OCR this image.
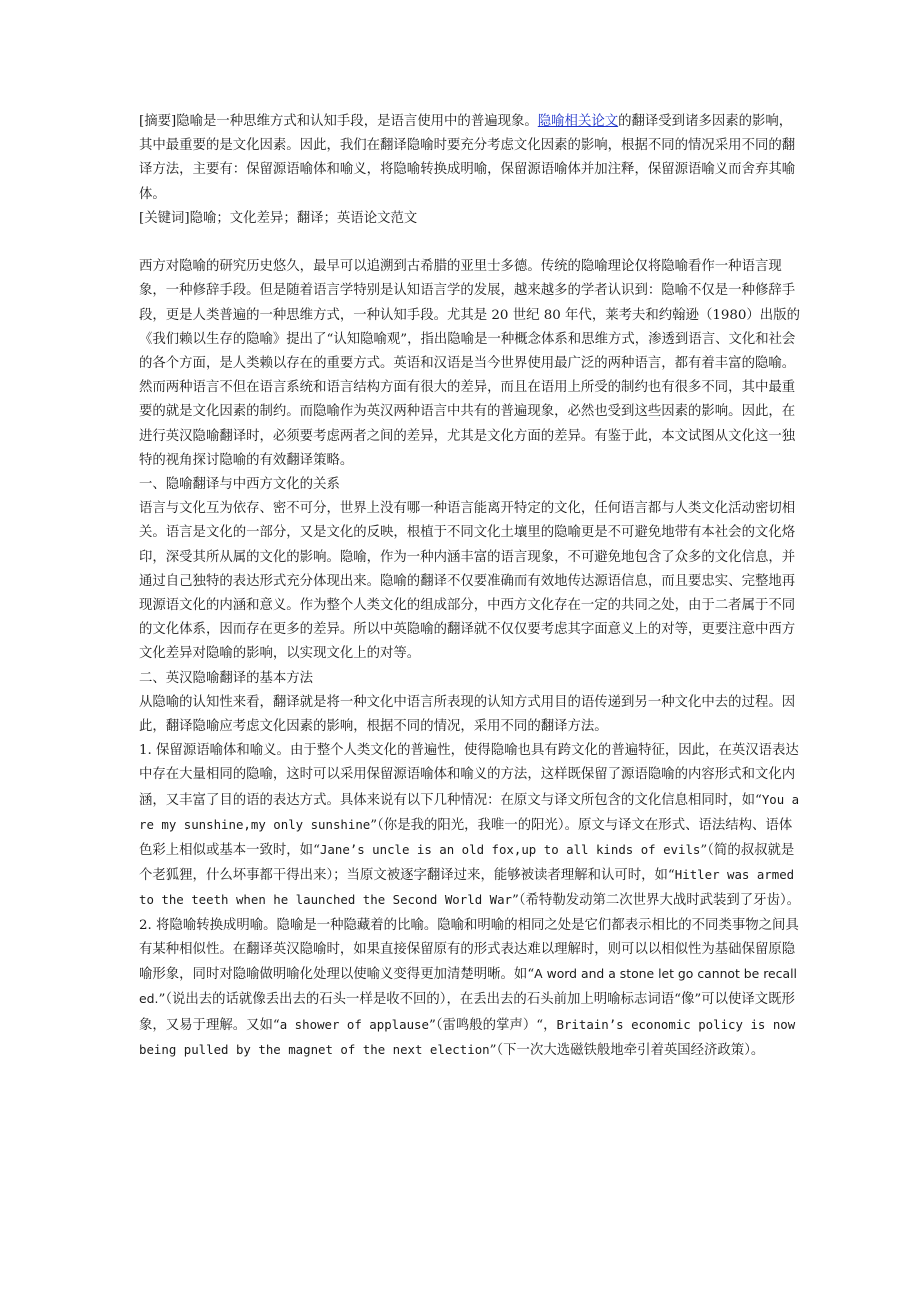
[摘要]隐喻是一种思维方式和认知手段，是语言使用中的普遍现象。隐喻相关论文的翻译受到诸多因素的影响，其中最重要的是文化因素。因此，我们在翻译隐喻时要充分考虑文化因素的影响，根据不同的情况采用不同的翻译方法，主要有：保留源语喻体和喻义，将隐喻转换成明喻，保留源语喻体并加注释，保留源语喻义而舍弃其喻体。

[关键词]隐喻；文化差异；翻译；英语论文范文

西方对隐喻的研究历史悠久，最早可以追溯到古希腊的亚里士多德。传统的隐喻理论仅将隐喻看作一种语言现象，一种修辞手段。但是随着语言学特别是认知语言学的发展，越来越多的学者认识到：隐喻不仅是一种修辞手段，更是人类普遍的一种思维方式，一种认知手段。尤其是 20 世纪 80 年代，莱考夫和约翰逊（1980）出版的《我们赖以生存的隐喻》提出了“认知隐喻观”，指出隐喻是一种概念体系和思维方式，渗透到语言、文化和社会的各个方面，是人类赖以存在的重要方式。英语和汉语是当今世界使用最广泛的两种语言，都有着丰富的隐喻。然而两种语言不但在语言系统和语言结构方面有很大的差异，而且在语用上所受的制约也有很多不同，其中最重要的就是文化因素的制约。而隐喻作为英汉两种语言中共有的普遍现象，必然也受到这些因素的影响。因此，在进行英汉隐喻翻译时，必须要考虑两者之间的差异，尤其是文化方面的差异。有鉴于此，本文试图从文化这一独特的视角探讨隐喻的有效翻译策略。

一、隐喻翻译与中西方文化的关系

语言与文化互为依存、密不可分，世界上没有哪一种语言能离开特定的文化，任何语言都与人类文化活动密切相关。语言是文化的一部分，又是文化的反映，根植于不同文化土壤里的隐喻更是不可避免地带有本社会的文化烙印，深受其所从属的文化的影响。隐喻，作为一种内涵丰富的语言现象，不可避免地包含了众多的文化信息，并通过自己独特的表达形式充分体现出来。隐喻的翻译不仅要准确而有效地传达源语信息，而且要忠实、完整地再现源语文化的内涵和意义。作为整个人类文化的组成部分，中西方文化存在一定的共同之处，由于二者属于不同的文化体系，因而存在更多的差异。所以中英隐喻的翻译就不仅仅要考虑其字面意义上的对等，更要注意中西方文化差异对隐喻的影响，以实现文化上的对等。

二、英汉隐喻翻译的基本方法

从隐喻的认知性来看，翻译就是将一种文化中语言所表现的认知方式用目的语传递到另一种文化中去的过程。因此，翻译隐喻应考虑文化因素的影响，根据不同的情况，采用不同的翻译方法。

1. 保留源语喻体和喻义。由于整个人类文化的普遍性，使得隐喻也具有跨文化的普遍特征，因此，在英汉语表达中存在大量相同的隐喻，这时可以采用保留源语喻体和喻义的方法，这样既保留了源语隐喻的内容形式和文化内涵，又丰富了目的语的表达方式。具体来说有以下几种情况：在原文与译文所包含的文化信息相同时，如“You are my sunshine,my only sunshine”（你是我的阳光，我唯一的阳光）。原文与译文在形式、语法结构、语体色彩上相似或基本一致时，如“Jane’s uncle is an old fox,up to all kinds of evils”（简的叔叔就是个老狐狸，什么坏事都干得出来）；当原文被逐字翻译过来，能够被读者理解和认可时，如“Hitler was armed to the teeth when he launched the Second World War”（希特勒发动第二次世界大战时武装到了牙齿）。

2. 将隐喻转换成明喻。隐喻是一种隐藏着的比喻。隐喻和明喻的相同之处是它们都表示相比的不同类事物之间具有某种相似性。在翻译英汉隐喻时，如果直接保留原有的形式表达难以理解时，则可以以相似性为基础保留原隐喻形象，同时对隐喻做明喻化处理以使喻义变得更加清楚明晰。如“A word and a stone let go cannot be recalled.”（说出去的话就像丢出去的石头一样是收不回的），在丢出去的石头前加上明喻标志词语“像”可以使译文既形象，又易于理解。又如“a shower of applause”（雷鸣般的掌声）“，Britain’s economic policy is now being pulled by the magnet of the next election”（下一次大选磁铁般地牵引着英国经济政策）。
